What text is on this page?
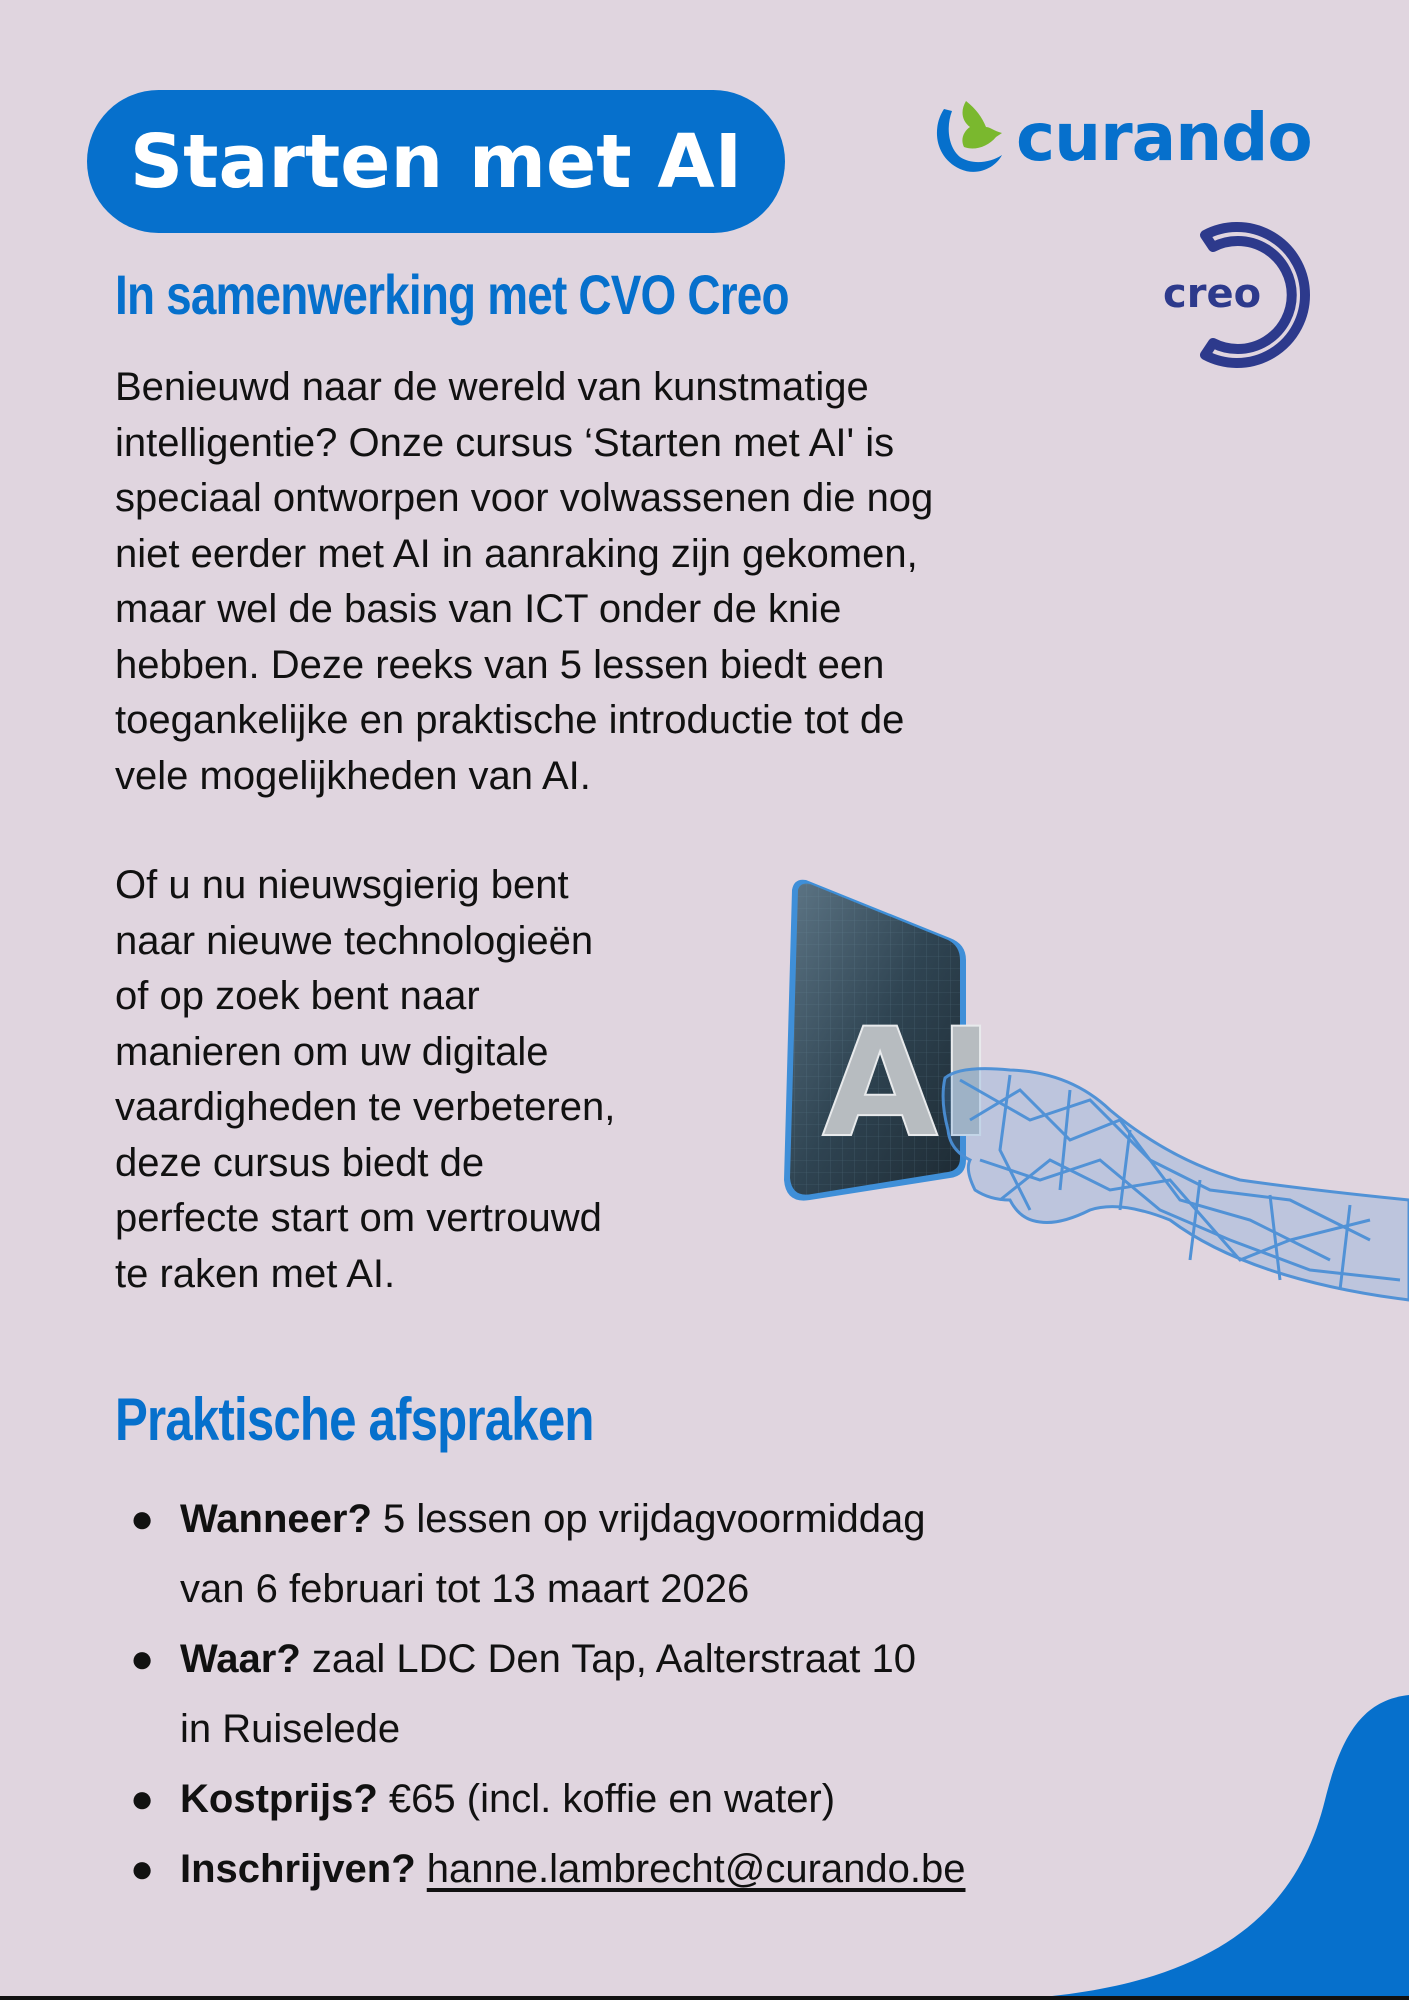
Starten met AI	curando
creo
In samenwerking met CVO Creo
Benieuwd naar de wereld van kunstmatige
intelligentie? Onze cursus ‘Starten met AI' is
speciaal ontworpen voor volwassenen die nog
niet eerder met AI in aanraking zijn gekomen,
maar wel de basis van ICT onder de knie
hebben. Deze reeks van 5 lessen biedt een
toegankelijke en praktische introductie tot de
vele mogelijkheden van AI.
Of u nu nieuwsgierig bent
naar nieuwe technologieën
of op zoek bent naar
manieren om uw digitale
vaardigheden te verbeteren,
deze cursus biedt de
perfecte start om vertrouwd
te raken met AI.
AI
Praktische afspraken
● Wanneer? 5 lessen op vrijdagvoormiddag
van 6 februari tot 13 maart 2026
● Waar? zaal LDC Den Tap, Aalterstraat 10
in Ruiselede
● Kostprijs? €65 (incl. koffie en water)
● Inschrijven? hanne.lambrecht@curando.be
